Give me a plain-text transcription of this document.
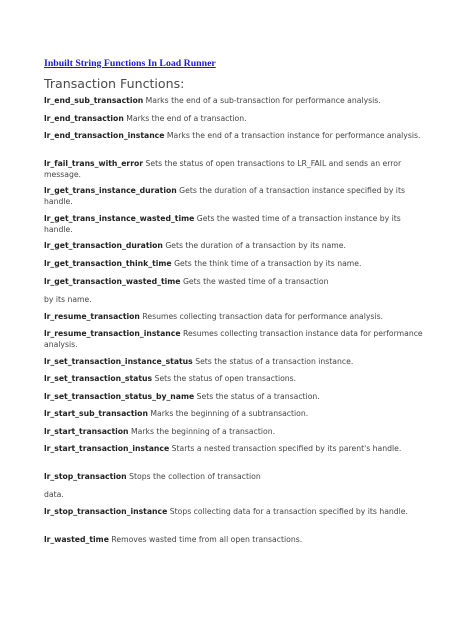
Inbuilt String Functions In Load Runner
Transaction Functions:
lr_end_sub_transaction Marks the end of a sub-transaction for performance analysis.
lr_end_transaction Marks the end of a transaction.
lr_end_transaction_instance Marks the end of a transaction instance for performance analysis.
lr_fail_trans_with_error Sets the status of open transactions to LR_FAIL and sends an error message.
lr_get_trans_instance_duration Gets the duration of a transaction instance specified by its handle.
lr_get_trans_instance_wasted_time Gets the wasted time of a transaction instance by its handle.
lr_get_transaction_duration Gets the duration of a transaction by its name.
lr_get_transaction_think_time Gets the think time of a transaction by its name.
lr_get_transaction_wasted_time Gets the wasted time of a transaction
by its name.
lr_resume_transaction Resumes collecting transaction data for performance analysis.
lr_resume_transaction_instance Resumes collecting transaction instance data for performance analysis.
lr_set_transaction_instance_status Sets the status of a transaction instance.
lr_set_transaction_status Sets the status of open transactions.
lr_set_transaction_status_by_name Sets the status of a transaction.
lr_start_sub_transaction Marks the beginning of a subtransaction.
lr_start_transaction Marks the beginning of a transaction.
lr_start_transaction_instance Starts a nested transaction specified by its parent's handle.
lr_stop_transaction Stops the collection of transaction
data.
lr_stop_transaction_instance Stops collecting data for a transaction specified by its handle.
lr_wasted_time Removes wasted time from all open transactions.
